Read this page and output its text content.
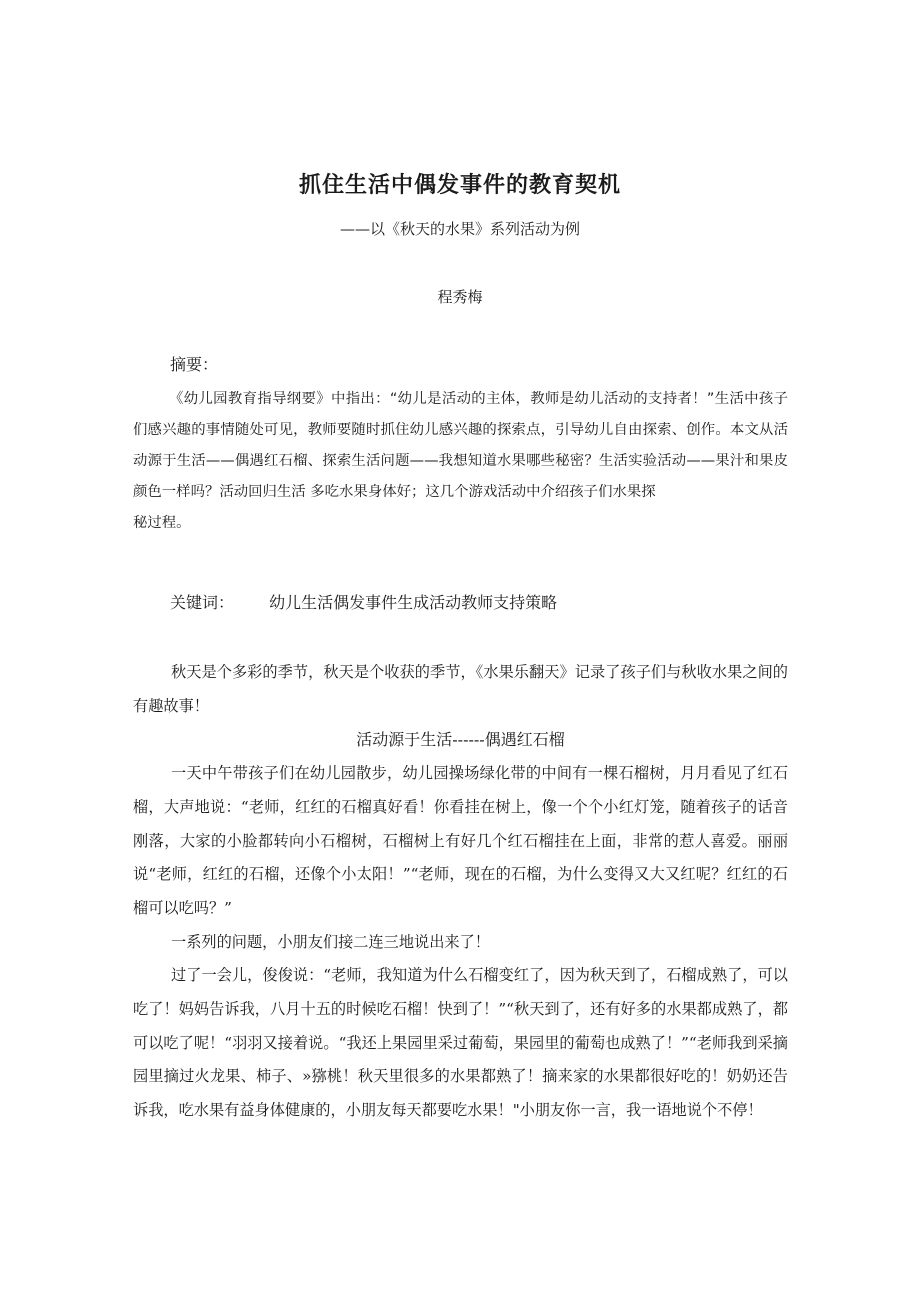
抓住生活中偶发事件的教育契机
——以《秋天的水果》系列活动为例
程秀梅
摘要：

《幼儿园教育指导纲要》中指出：“幼儿是活动的主体，教师是幼儿活动的支持者！”生活中孩子们感兴趣的事情随处可见，教师要随时抓住幼儿感兴趣的探索点，引导幼儿自由探索、创作。本文从活动源于生活——偶遇红石榴、探索生活问题——我想知道水果哪些秘密？生活实验活动——果汁和果皮颜色一样吗？活动回归生活 多吃水果身体好；这几个游戏活动中介绍孩子们水果探

秘过程。

关键词： 幼儿生活偶发事件生成活动教师支持策略

秋天是个多彩的季节，秋天是个收获的季节，《水果乐翻天》记录了孩子们与秋收水果之间的有趣故事！

活动源于生活------偶遇红石榴

一天中午带孩子们在幼儿园散步，幼儿园操场绿化带的中间有一棵石榴树，月月看见了红石榴，大声地说：“老师，红红的石榴真好看！你看挂在树上，像一个个小红灯笼，随着孩子的话音刚落，大家的小脸都转向小石榴树，石榴树上有好几个红石榴挂在上面，非常的惹人喜爱。丽丽说“老师，红红的石榴，还像个小太阳！”“老师，现在的石榴，为什么变得又大又红呢？红红的石榴可以吃吗？”

一系列的问题，小朋友们接二连三地说出来了！

过了一会儿，俊俊说：“老师，我知道为什么石榴变红了，因为秋天到了，石榴成熟了，可以吃了！妈妈告诉我，八月十五的时候吃石榴！快到了！”“秋天到了，还有好多的水果都成熟了，都可以吃了呢！“羽羽又接着说。“我还上果园里采过葡萄，果园里的葡萄也成熟了！”“老师我到采摘园里摘过火龙果、柿子、»猕桃！秋天里很多的水果都熟了！摘来家的水果都很好吃的！奶奶还告诉我，吃水果有益身体健康的，小朋友每天都要吃水果！"小朋友你一言，我一语地说个不停！
